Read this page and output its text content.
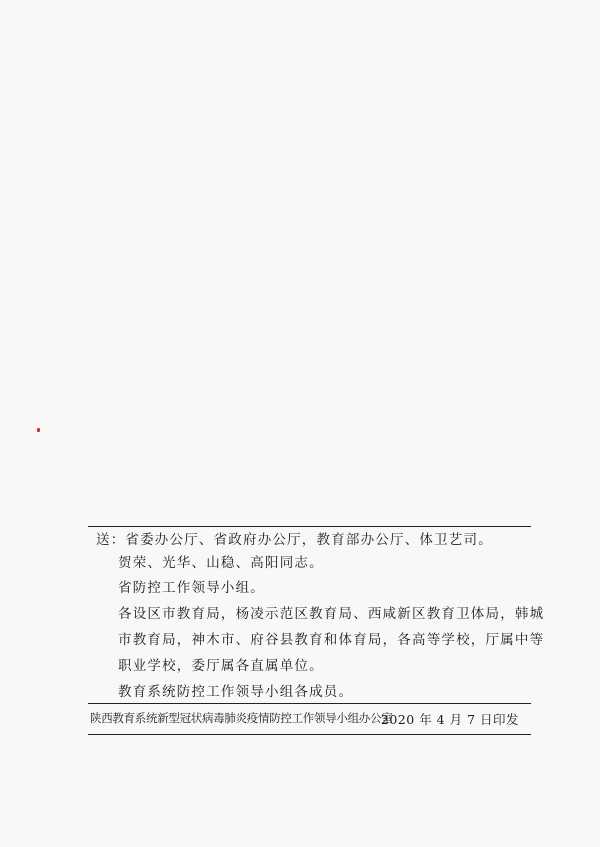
送：省委办公厅、省政府办公厅，教育部办公厅、体卫艺司。
贺荣、光华、山稳、高阳同志。
省防控工作领导小组。
各设区市教育局，杨凌示范区教育局、西咸新区教育卫体局，韩城
市教育局，神木市、府谷县教育和体育局，各高等学校，厅属中等
职业学校，委厅属各直属单位。
教育系统防控工作领导小组各成员。
陕西教育系统新型冠状病毒肺炎疫情防控工作领导小组办公室
2020 年 4 月 7 日印发
